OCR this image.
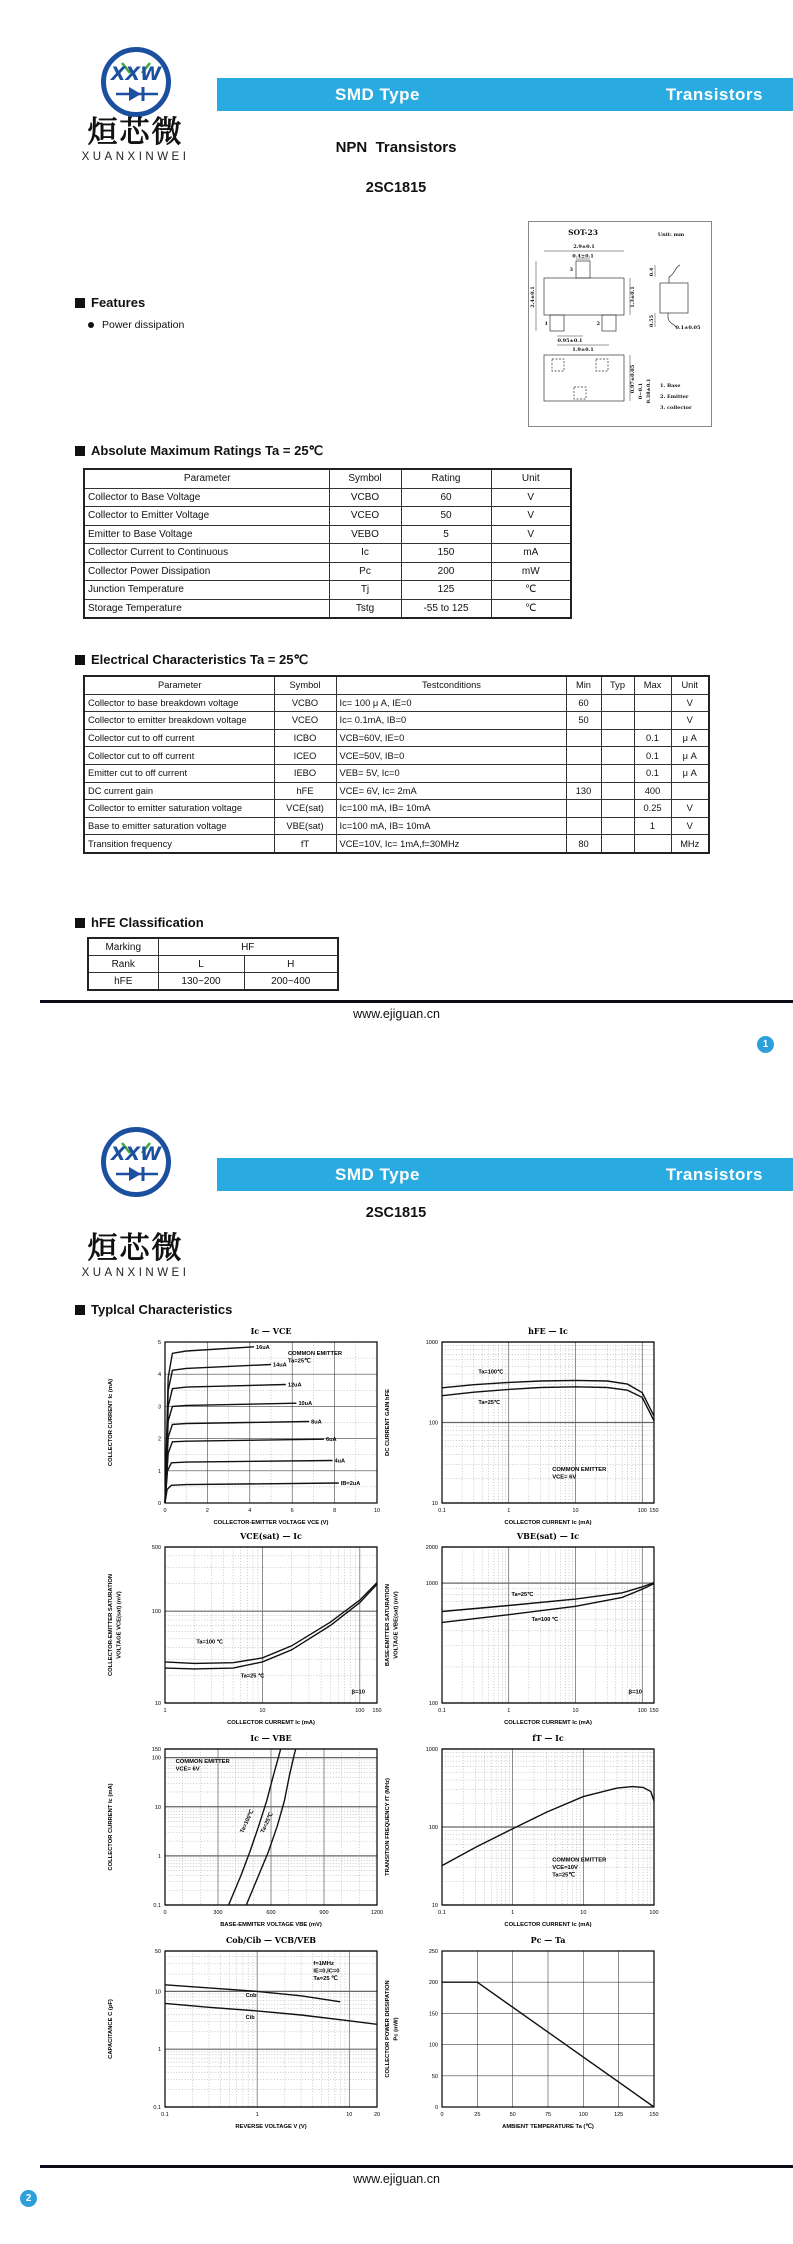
XXW
烜芯微
XUANXINWEI
SMD Type	Transistors
NPN  Transistors
2SC1815
SOT-23	Unit: mm
3
1	2
2.9±0.1
0.4±0.1
2.4±0.1	1.3±0.1
0.95±0.1
1.9±0.1
0.4
0.55
0.1±0.05
0.97±0.05 0~0.1 0.38±0.1 1. Base
2. Emitter
3. collector
Features
Power dissipation
Absolute Maximum Ratings Ta = 25℃
Parameter	Symbol	Rating	Unit
Collector to Base Voltage	VCBO	60	V
Collector to Emitter Voltage	VCEO	50	V
Emitter to Base Voltage	VEBO	5	V
Collector Current to Continuous	Ic	150	mA
Collector Power Dissipation	Pc	200	mW
Junction Temperature	Tj	125	℃
Storage Temperature	Tstg	-55 to 125	℃
Electrical Characteristics Ta = 25℃
Parameter	Symbol	Testconditions	Min	Typ	Max	Unit
Collector to base breakdown voltage	VCBO	Ic= 100 μ A, IE=0	60			V
Collector to emitter breakdown voltage	VCEO	Ic= 0.1mA, IB=0	50			V
Collector cut to off current	ICBO	VCB=60V, IE=0			0.1	μ A
Collector cut to off current	ICEO	VCE=50V, IB=0			0.1	μ A
Emitter cut to off current	IEBO	VEB= 5V, Ic=0			0.1	μ A
DC current gain	hFE	VCE= 6V, Ic= 2mA	130		400	
Collector to emitter saturation voltage	VCE(sat)	Ic=100 mA, IB= 10mA			0.25	V
Base to emitter saturation voltage	VBE(sat)	Ic=100 mA, IB= 10mA			1	V
Transition frequency	fT	VCE=10V, Ic= 1mA,f=30MHz	80			MHz
hFE Classification
Marking	HF	
Rank	L	H
hFE	130~200	200~400
www.ejiguan.cn
1
XXW
SMD Type	Transistors
2SC1815
烜芯微
XUANXINWEI
Typlcal Characteristics
0	2	4	6	8	10
0
1
2
3
4
5
16uA
14uA
12uA
10uA
8uA
6uA
4uA
IB=2uA
COMMON EMITTER
Ta=25℃
Ic — VCE
COLLECTOR-EMITTER VOLTAGE VCE (V)
COLLECTOR CURRENT Ic (mA)
0.1	1	10	100 150
10
100
1000
Ta=100℃
Ta=25℃
COMMON EMITTER
VCE= 6V
hFE — Ic
COLLECTOR CURRENT Ic (mA)
DC CURRENT GAIN hFE
1	10	100 150
10
100
500
Ta=100 ℃
Ta=25 ℃
β=10
VCE(sat) — Ic
COLLECTOR CURREMT Ic (mA)
COLLECTOR-EMITTER SATURATION VOLTAGE VCE(sat) (mV)
0.1	1	10	100 150
100
1000
2000
Ta=25℃
Ta=100 ℃
β=10
VBE(sat) — Ic
COLLECTOR CURREMT Ic (mA)
BASE-EMITTER SATURATION VOLTAGE VBE(sat) (mV)
0	300	600	900	1200
0.1
1
10
100
150
Ta=100℃ Ta=25℃
COMMON EMITTER
VCE= 6V
Ic — VBE
BASE-EMMITER VOLTAGE VBE (mV)
COLLECTOR CURRENT Ic (mA)
0.1	1	10	100
10
100
1000
COMMON EMITTER
VCE=10V
Ta=25℃
fT — Ic
COLLECTOR CURRENT Ic (mA)
TRANSITION FREQUENCY fT (MHz)
0.1	1	10	20
0.1
1
10
50
Cob
Cib
f=1MHz
IE=0,IC=0
Ta=25 ℃
Cob/Cib — VCB/VEB
REVERSE VOLTAGE V (V)
CAPACITANCE C (pF)
0	25	50	75	100	125	150
0
50
100
150
200
250
Pc — Ta
AMBIENT TEMPERATURE Ta (℃)
COLLECTOR POWER DISSIPATION Pc (mW)
www.ejiguan.cn
2
